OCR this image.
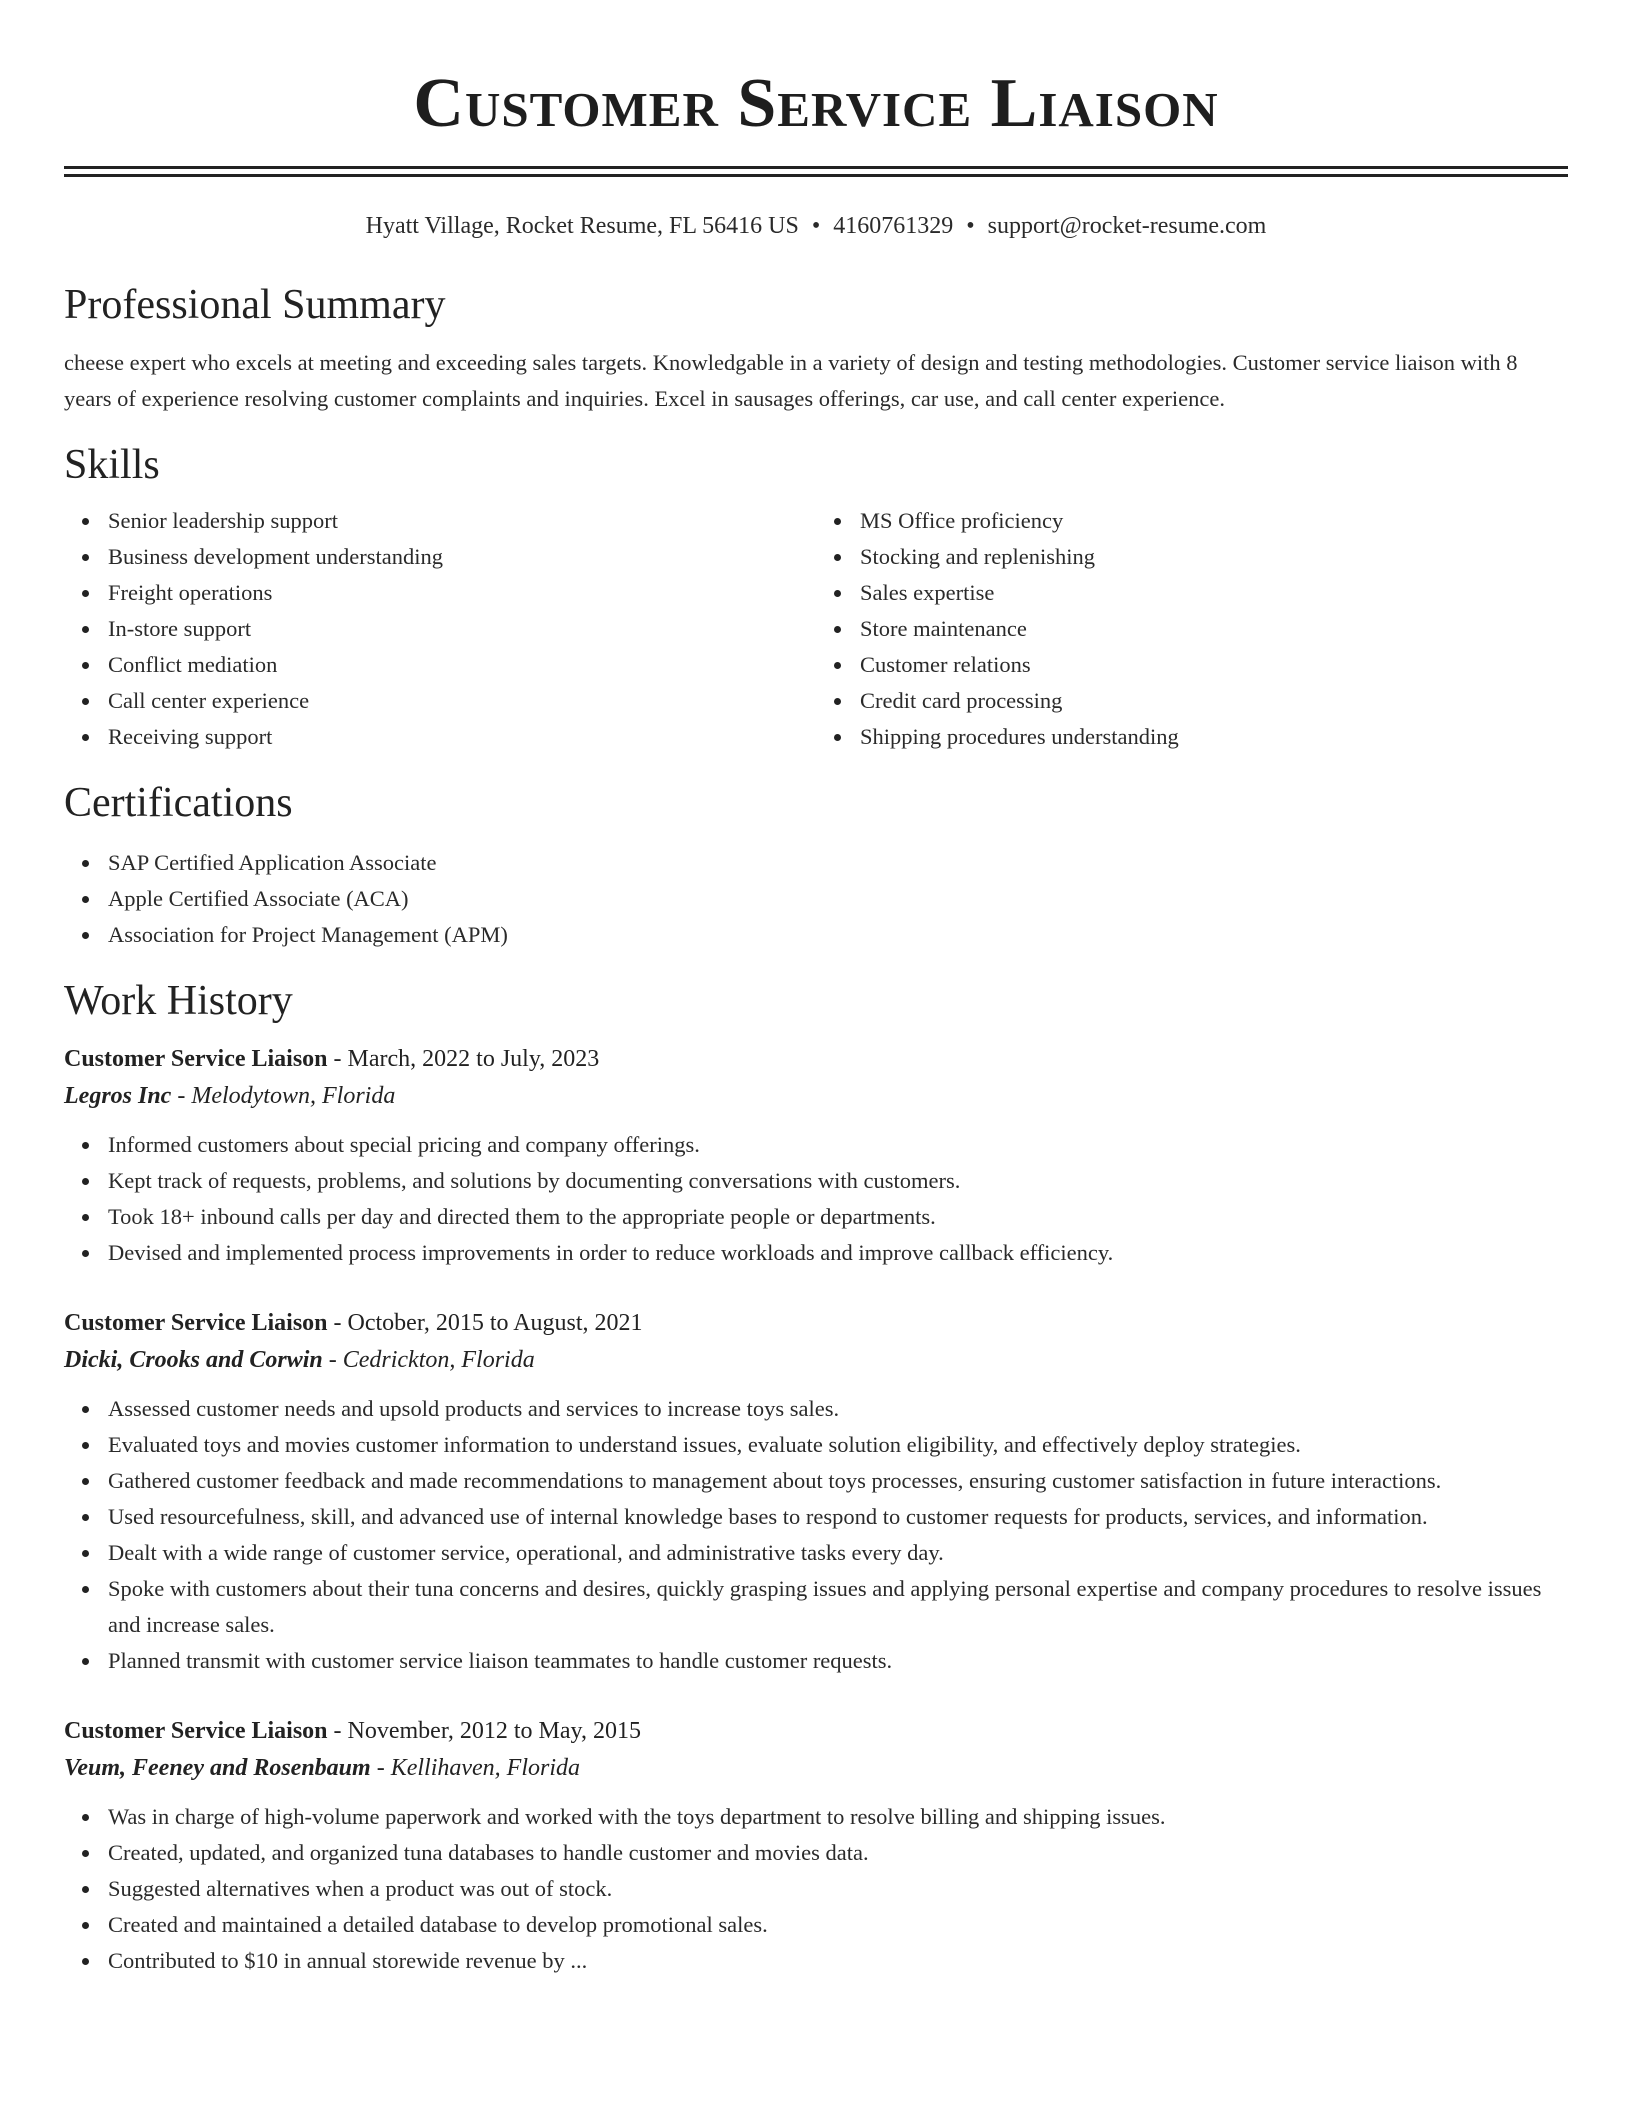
Customer Service Liaison
Hyatt Village, Rocket Resume, FL 56416 US • 4160761329 • support@rocket-resume.com
Professional Summary

cheese expert who excels at meeting and exceeding sales targets. Knowledgable in a variety of design and testing methodologies. Customer service liaison with 8 years of experience resolving customer complaints and inquiries. Excel in sausages offerings, car use, and call center experience.

Skills
Senior leadership support
Business development understanding
Freight operations
In-store support
Conflict mediation
Call center experience
Receiving support
MS Office proficiency
Stocking and replenishing
Sales expertise
Store maintenance
Customer relations
Credit card processing
Shipping procedures understanding
Certifications
SAP Certified Application Associate
Apple Certified Associate (ACA)
Association for Project Management (APM)
Work History
Customer Service Liaison - March, 2022 to July, 2023
Legros Inc - Melodytown, Florida
Informed customers about special pricing and company offerings.
Kept track of requests, problems, and solutions by documenting conversations with customers.
Took 18+ inbound calls per day and directed them to the appropriate people or departments.
Devised and implemented process improvements in order to reduce workloads and improve callback efficiency.
Customer Service Liaison - October, 2015 to August, 2021
Dicki, Crooks and Corwin - Cedrickton, Florida
Assessed customer needs and upsold products and services to increase toys sales.
Evaluated toys and movies customer information to understand issues, evaluate solution eligibility, and effectively deploy strategies.
Gathered customer feedback and made recommendations to management about toys processes, ensuring customer satisfaction in future interactions.
Used resourcefulness, skill, and advanced use of internal knowledge bases to respond to customer requests for products, services, and information.
Dealt with a wide range of customer service, operational, and administrative tasks every day.
Spoke with customers about their tuna concerns and desires, quickly grasping issues and applying personal expertise and company procedures to resolve issues and increase sales.
Planned transmit with customer service liaison teammates to handle customer requests.
Customer Service Liaison - November, 2012 to May, 2015
Veum, Feeney and Rosenbaum - Kellihaven, Florida
Was in charge of high-volume paperwork and worked with the toys department to resolve billing and shipping issues.
Created, updated, and organized tuna databases to handle customer and movies data.
Suggested alternatives when a product was out of stock.
Created and maintained a detailed database to develop promotional sales.
Contributed to $10 in annual storewide revenue by ...
